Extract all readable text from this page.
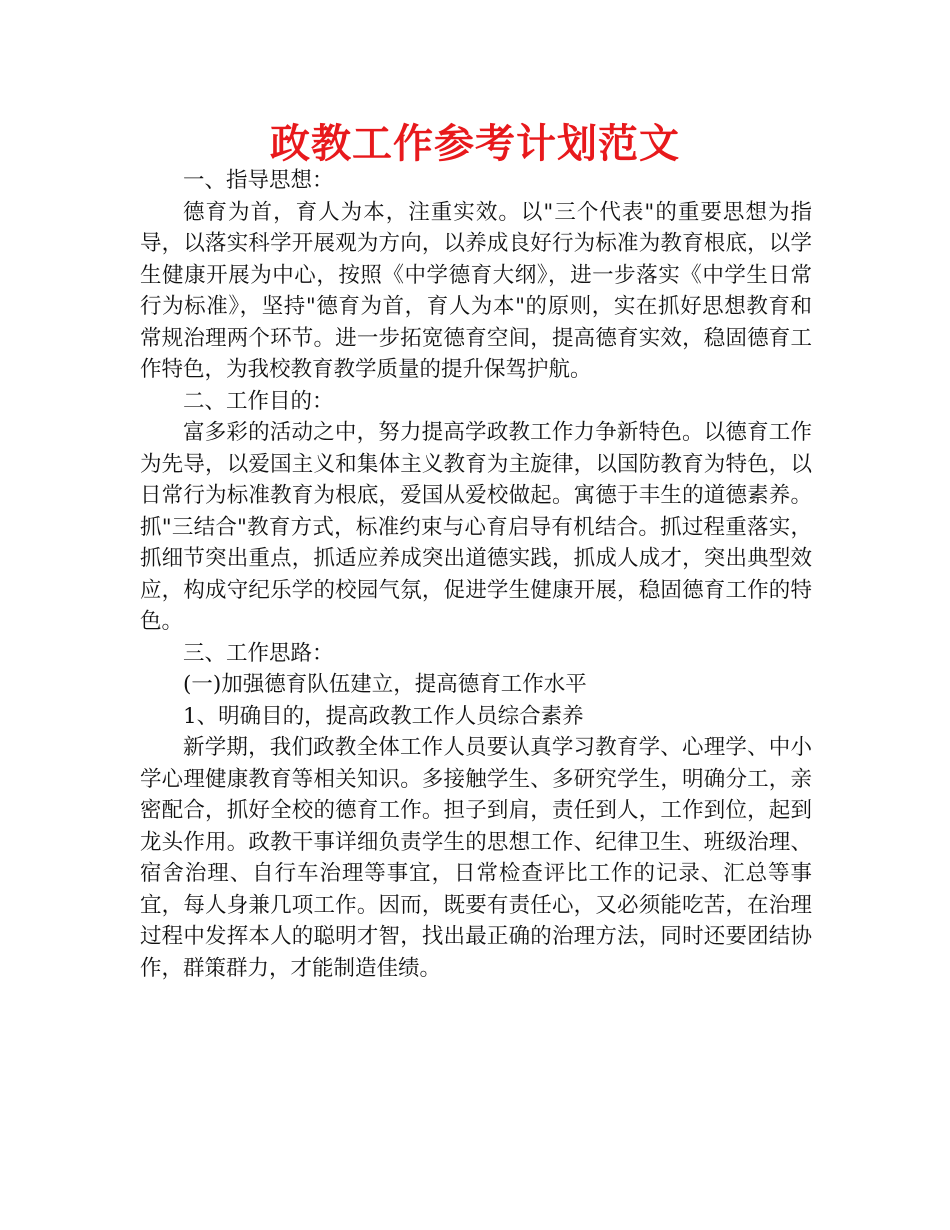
政教工作参考计划范文

一、指导思想：

德育为首，育人为本，注重实效。以"三个代表"的重要思想为指导，以落实科学开展观为方向，以养成良好行为标准为教育根底，以学生健康开展为中心，按照《中学德育大纲》，进一步落实《中学生日常行为标准》，坚持"德育为首，育人为本"的原则，实在抓好思想教育和常规治理两个环节。进一步拓宽德育空间，提高德育实效，稳固德育工作特色，为我校教育教学质量的提升保驾护航。

二、工作目的：

富多彩的活动之中，努力提高学政教工作力争新特色。以德育工作为先导，以爱国主义和集体主义教育为主旋律，以国防教育为特色，以日常行为标准教育为根底，爱国从爱校做起。寓德于丰生的道德素养。抓"三结合"教育方式，标准约束与心育启导有机结合。抓过程重落实，抓细节突出重点，抓适应养成突出道德实践，抓成人成才，突出典型效应，构成守纪乐学的校园气氛，促进学生健康开展，稳固德育工作的特色。

三、工作思路：

(一)加强德育队伍建立，提高德育工作水平

1、明确目的，提高政教工作人员综合素养

新学期，我们政教全体工作人员要认真学习教育学、心理学、中小学心理健康教育等相关知识。多接触学生、多研究学生，明确分工，亲密配合，抓好全校的德育工作。担子到肩，责任到人，工作到位，起到龙头作用。政教干事详细负责学生的思想工作、纪律卫生、班级治理、宿舍治理、自行车治理等事宜，日常检查评比工作的记录、汇总等事宜，每人身兼几项工作。因而，既要有责任心，又必须能吃苦，在治理过程中发挥本人的聪明才智，找出最正确的治理方法，同时还要团结协作，群策群力，才能制造佳绩。
